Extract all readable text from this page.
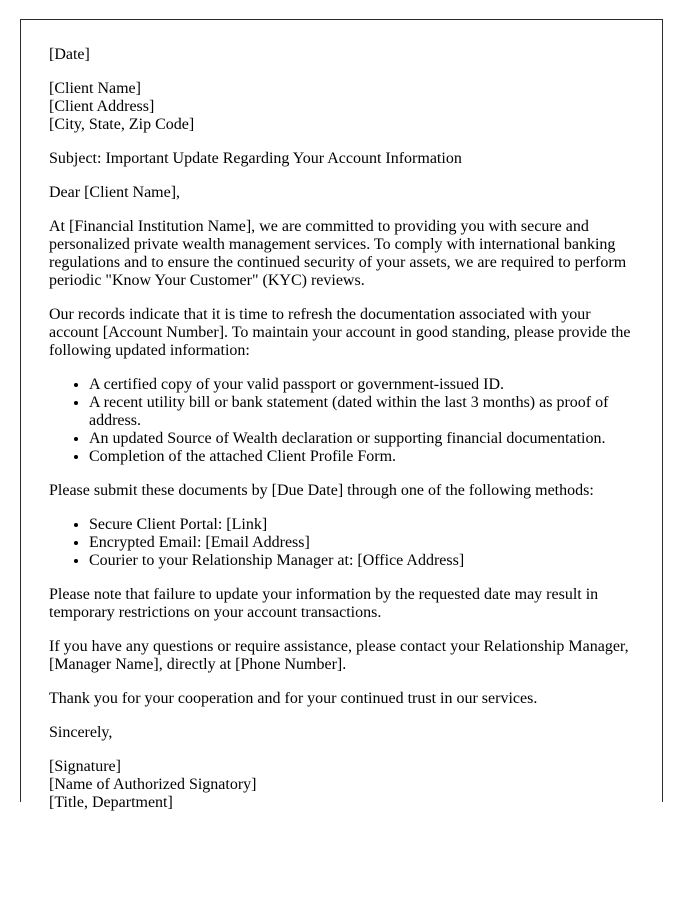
[Date]

[Client Name]
[Client Address]
[City, State, Zip Code]

Subject: Important Update Regarding Your Account Information

Dear [Client Name],

At [Financial Institution Name], we are committed to providing you with secure and personalized private wealth management services. To comply with international banking regulations and to ensure the continued security of your assets, we are required to perform periodic "Know Your Customer" (KYC) reviews.

Our records indicate that it is time to refresh the documentation associated with your account [Account Number]. To maintain your account in good standing, please provide the following updated information:

• A certified copy of your valid passport or government-issued ID.
• A recent utility bill or bank statement (dated within the last 3 months) as proof of address.
• An updated Source of Wealth declaration or supporting financial documentation.
• Completion of the attached Client Profile Form.

Please submit these documents by [Due Date] through one of the following methods:

• Secure Client Portal: [Link]
• Encrypted Email: [Email Address]
• Courier to your Relationship Manager at: [Office Address]

Please note that failure to update your information by the requested date may result in temporary restrictions on your account transactions.

If you have any questions or require assistance, please contact your Relationship Manager, [Manager Name], directly at [Phone Number].

Thank you for your cooperation and for your continued trust in our services.

Sincerely,

[Signature]
[Name of Authorized Signatory]
[Title, Department]
